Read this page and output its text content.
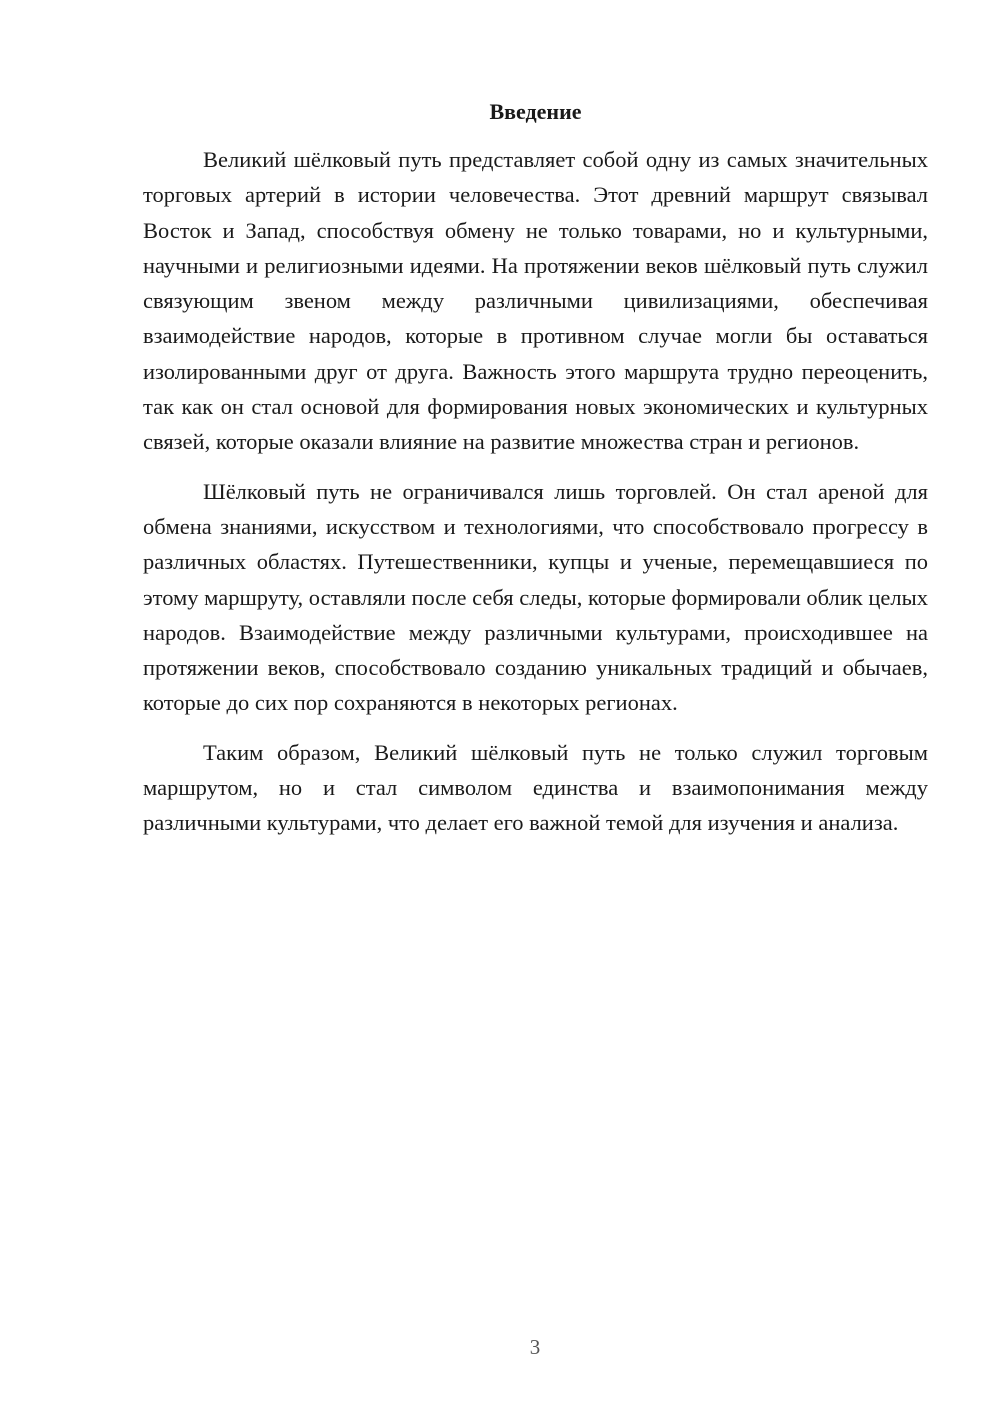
Введение

Великий шёлковый путь представляет собой одну из самых значительных торговых артерий в истории человечества. Этот древний маршрут связывал Восток и Запад, способствуя обмену не только товарами, но и культурными, научными и религиозными идеями. На протяжении веков шёлковый путь служил связующим звеном между различными цивилизациями, обеспечивая взаимодействие народов, которые в противном случае могли бы оставаться изолированными друг от друга. Важность этого маршрута трудно переоценить, так как он стал основой для формирования новых экономических и культурных связей, которые оказали влияние на развитие множества стран и регионов.

Шёлковый путь не ограничивался лишь торговлей. Он стал ареной для обмена знаниями, искусством и технологиями, что способствовало прогрессу в различных областях. Путешественники, купцы и ученые, перемещавшиеся по этому маршруту, оставляли после себя следы, которые формировали облик целых народов. Взаимодействие между различными культурами, происходившее на протяжении веков, способствовало созданию уникальных традиций и обычаев, которые до сих пор сохраняются в некоторых регионах.

Таким образом, Великий шёлковый путь не только служил торговым маршрутом, но и стал символом единства и взаимопонимания между различными культурами, что делает его важной темой для изучения и анализа.

3
